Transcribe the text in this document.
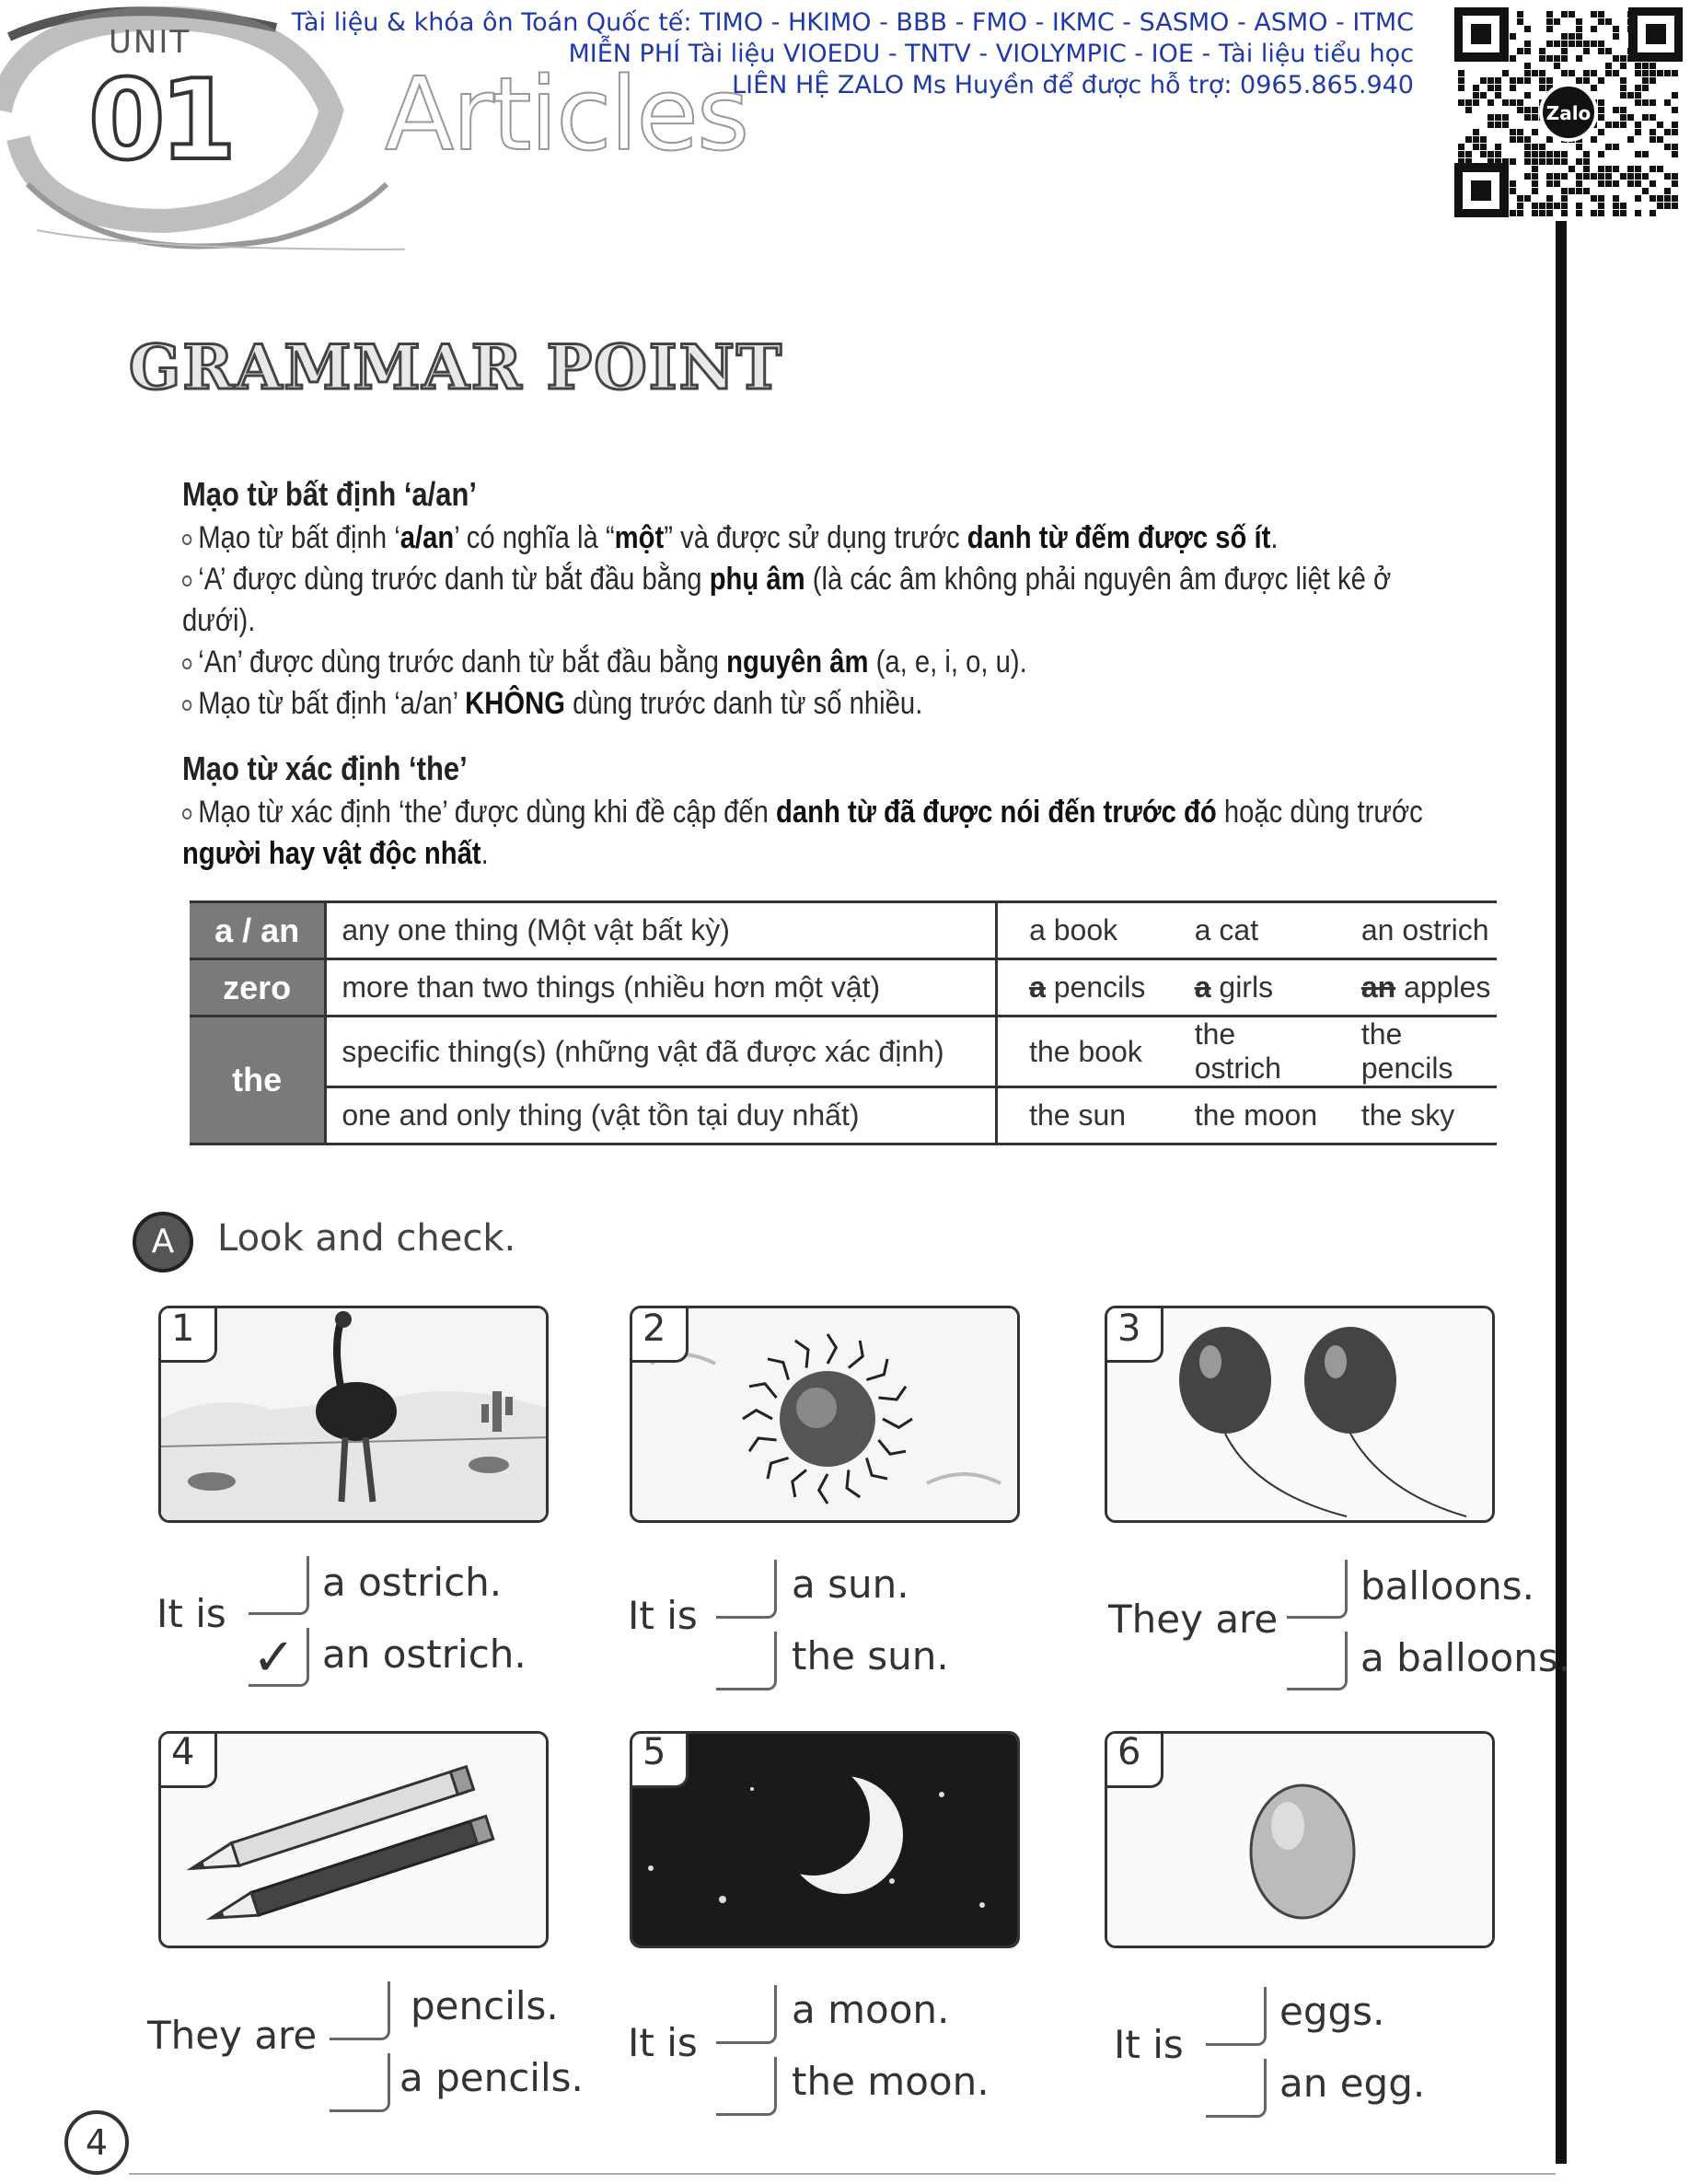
UNIT
01 Articles
Tài liệu & khóa ôn Toán Quốc tế: TIMO - HKIMO - BBB - FMO - IKMC - SASMO - ASMO - ITMC
MIỄN PHÍ Tài liệu VIOEDU - TNTV - VIOLYMPIC - IOE - Tài liệu tiểu học
LIÊN HỆ ZALO Ms Huyền để được hỗ trợ: 0965.865.940
Zalo
GRAMMAR POINT
Mạo từ bất định ‘a/an’
Mạo từ bất định ‘a/an’ có nghĩa là “một” và được sử dụng trước danh từ đếm được số ít.
‘A’ được dùng trước danh từ bắt đầu bằng phụ âm (là các âm không phải nguyên âm được liệt kê ở
dưới).
‘An’ được dùng trước danh từ bắt đầu bằng nguyên âm (a, e, i, o, u).
Mạo từ bất định ‘a/an’ KHÔNG dùng trước danh từ số nhiều.
Mạo từ xác định ‘the’
Mạo từ xác định ‘the’ được dùng khi đề cập đến danh từ đã được nói đến trước đó hoặc dùng trước
người hay vật độc nhất.
a / an	any one thing (Một vật bất kỳ)	a book	a cat	an ostrich
zero	more than two things (nhiều hơn một vật)	a pencils	a girls	an apples
the	specific thing(s) (những vật đã được xác định)	the book	the ostrich	the pencils
	one and only thing (vật tồn tại duy nhất)	the sun	the moon	the sky
A	Look and check.
1	2	3
4	5	6
It is
a ostrich.
✓ an ostrich.
It is
a sun.
the sun.
They are
balloons.
a balloons.
They are
pencils.
a pencils.
It is
a moon.
the moon.
It is
eggs.
an egg.
4
